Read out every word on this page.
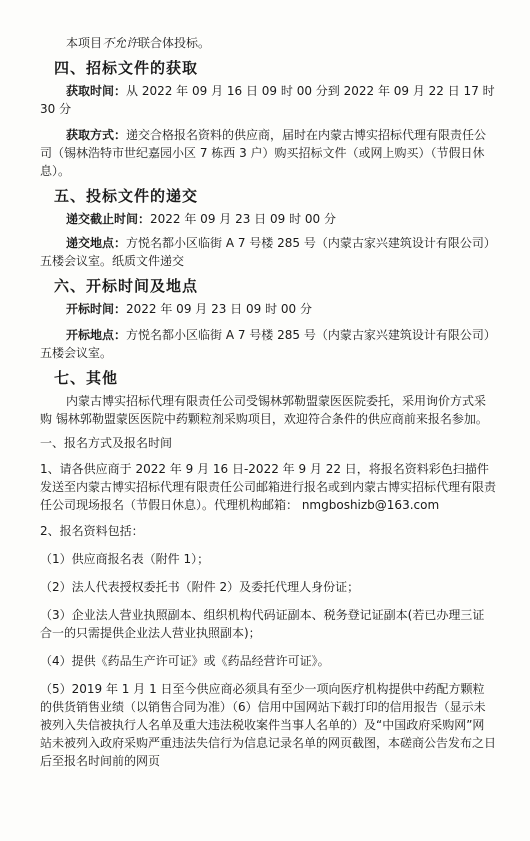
本项目不允许联合体投标。

四、招标文件的获取

获取时间：从 2022 年 09 月 16 日 09 时 00 分到 2022 年 09 月 22 日 17 时 30 分

获取方式：递交合格报名资料的供应商，届时在内蒙古博实招标代理有限责任公司（锡林浩特市世纪嘉园小区 7 栋西 3 户）购买招标文件（或网上购买）（节假日休息）。

五、投标文件的递交

递交截止时间：2022 年 09 月 23 日 09 时 00 分

递交地点：方悦名都小区临街 A 7 号楼 285 号（内蒙古家兴建筑设计有限公司）五楼会议室。纸质文件递交

六、开标时间及地点

开标时间：2022 年 09 月 23 日 09 时 00 分

开标地点：方悦名都小区临街 A 7 号楼 285 号（内蒙古家兴建筑设计有限公司）五楼会议室。

七、其他

内蒙古博实招标代理有限责任公司受锡林郭勒盟蒙医医院委托，采用询价方式采购 锡林郭勒盟蒙医医院中药颗粒剂采购项目，欢迎符合条件的供应商前来报名参加。

一、报名方式及报名时间

1、请各供应商于 2022 年 9 月 16 日-2022 年 9 月 22 日，将报名资料彩色扫描件发送至内蒙古博实招标代理有限责任公司邮箱进行报名或到内蒙古博实招标代理有限责任公司现场报名（节假日休息）。代理机构邮箱： nmgboshizb@163.com

2、报名资料包括：

（1）供应商报名表（附件 1）；

（2）法人代表授权委托书（附件 2）及委托代理人身份证；

（3）企业法人营业执照副本、组织机构代码证副本、税务登记证副本(若已办理三证合一的只需提供企业法人营业执照副本)；

（4）提供《药品生产许可证》或《药品经营许可证》。

（5）2019 年 1 月 1 日至今供应商必须具有至少一项向医疗机构提供中药配方颗粒的供货销售业绩（以销售合同为准）（6）信用中国网站下载打印的信用报告（显示未被列入失信被执行人名单及重大违法税收案件当事人名单的）及“中国政府采购网”网站未被列入政府采购严重违法失信行为信息记录名单的网页截图，本磋商公告发布之日后至报名时间前的网页
